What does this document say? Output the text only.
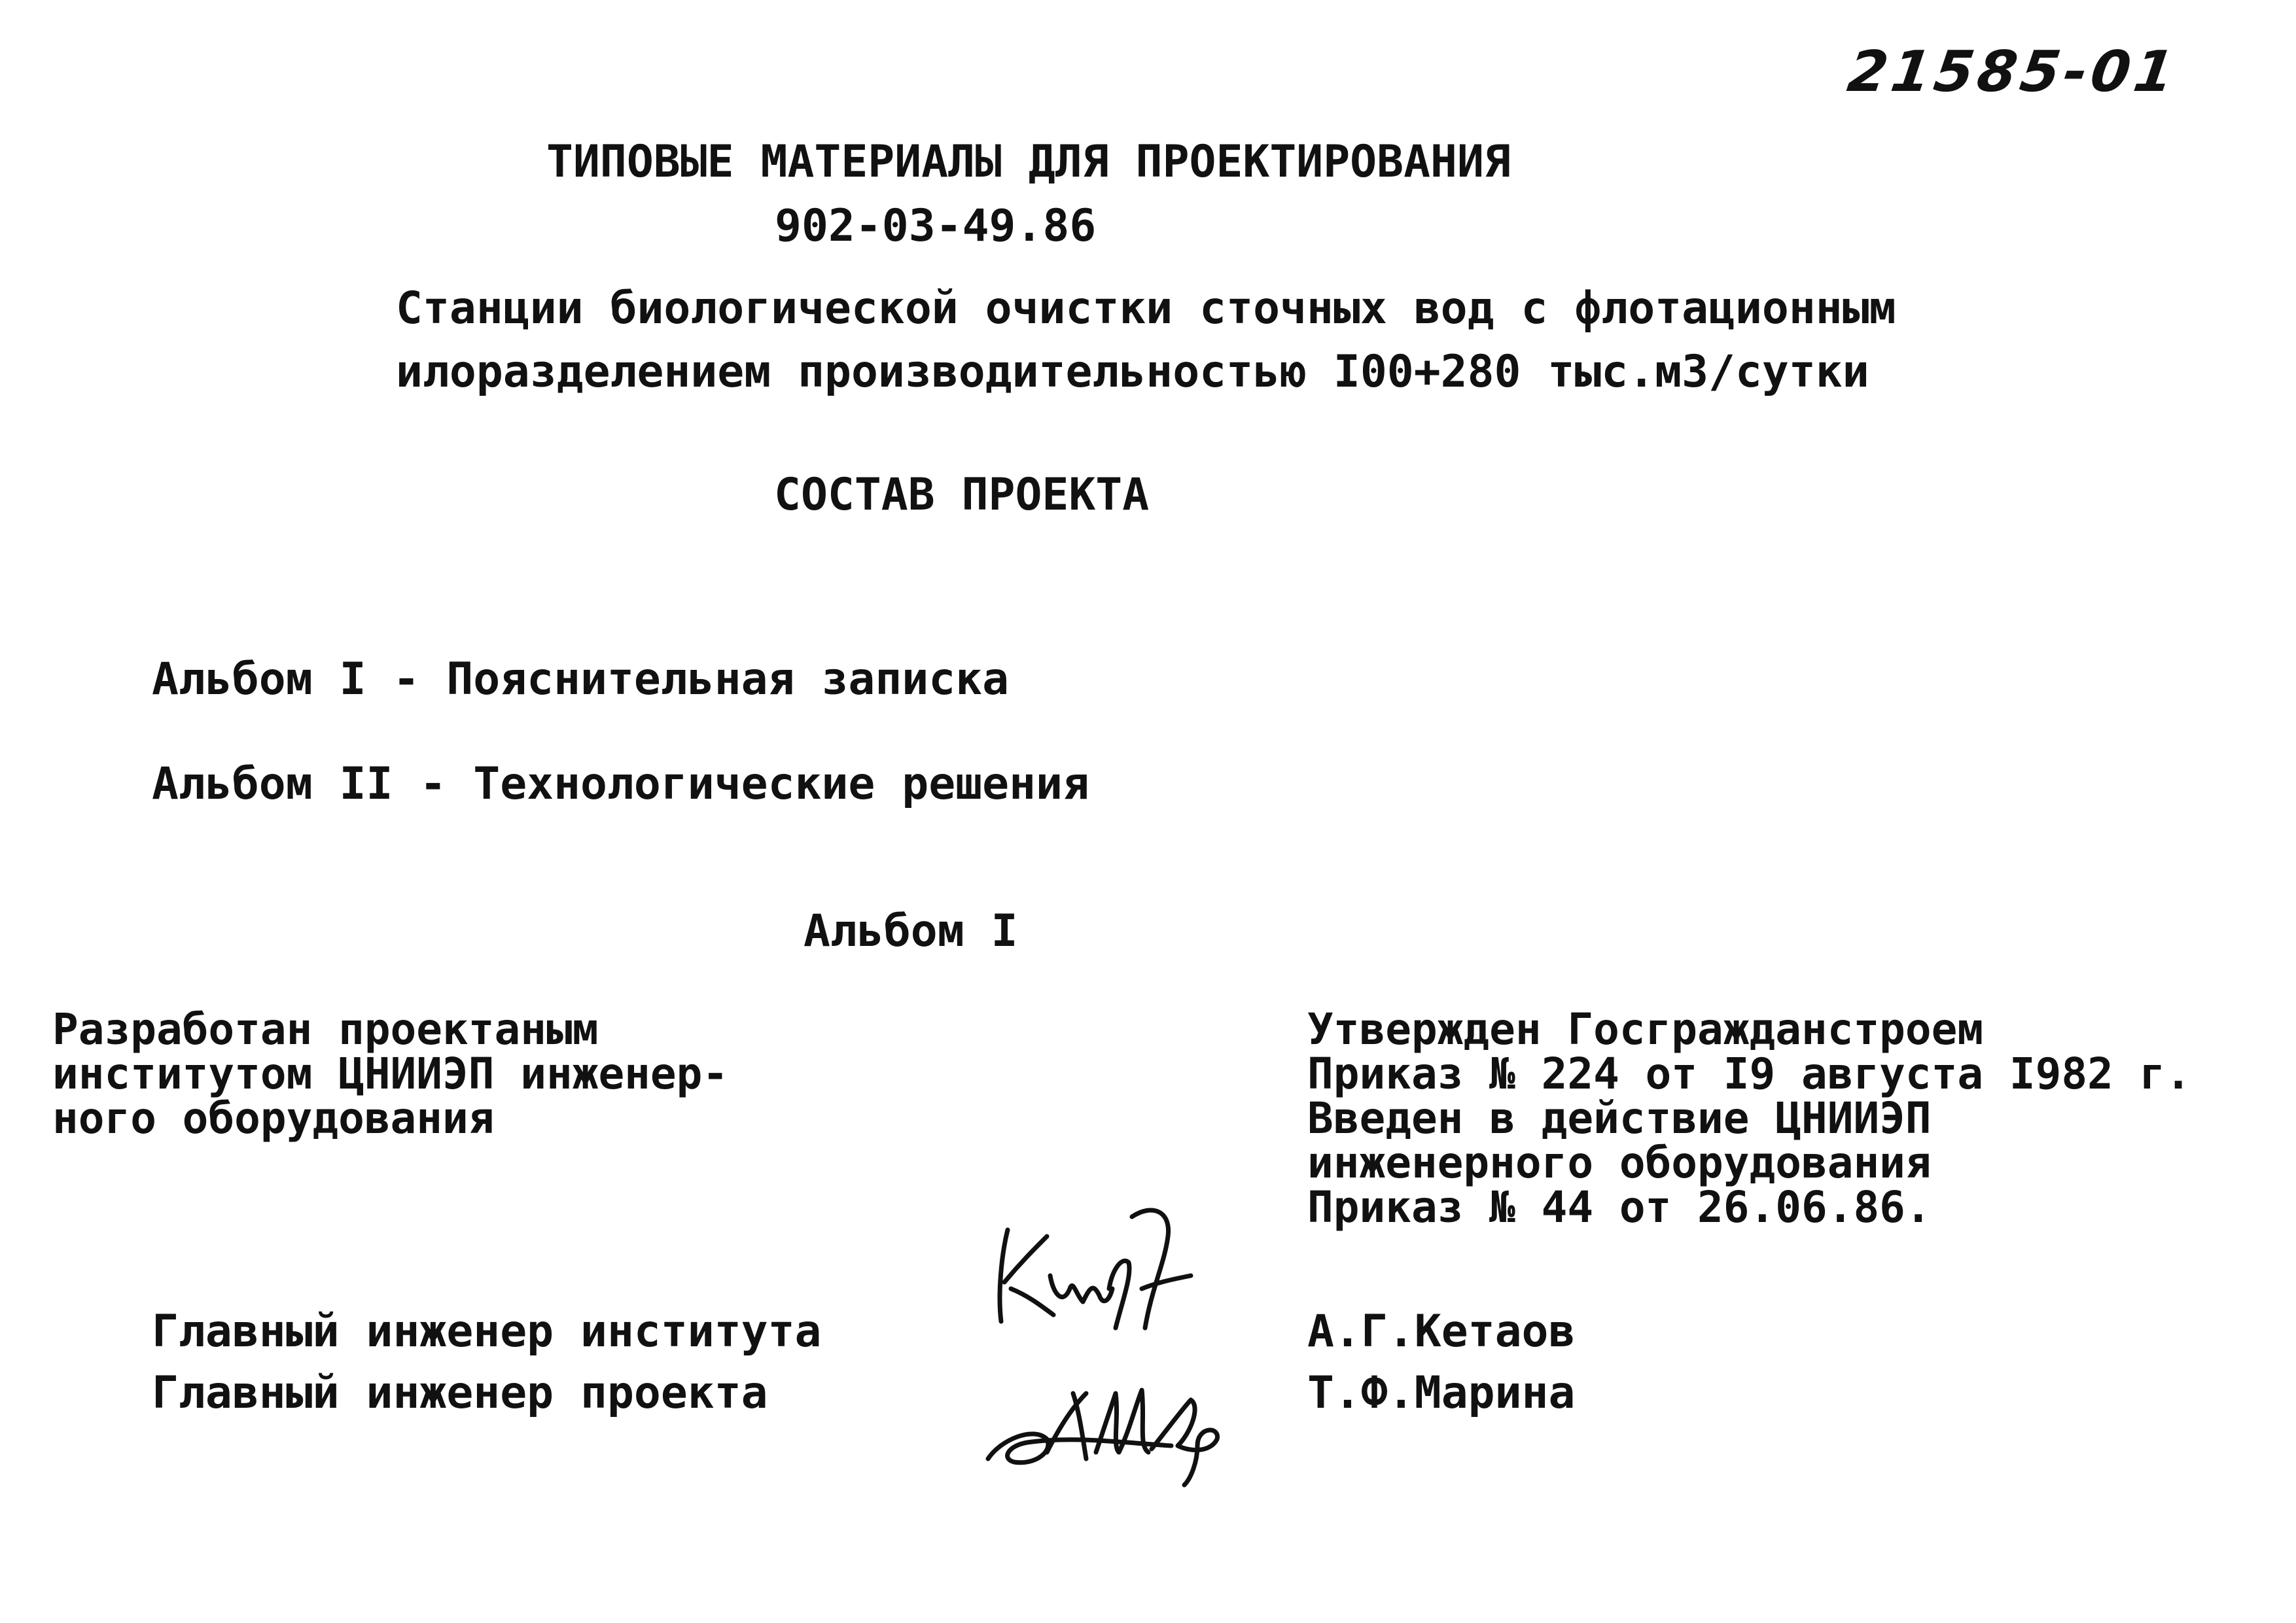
21585-01
ТИПОВЫЕ МАТЕРИАЛЫ ДЛЯ ПРОЕКТИРОВАНИЯ
902-03-49.86
Станции биологической очистки сточных вод с флотационным
илоразделением производительностью I00+280 тыс.м3/сутки
СОСТАВ ПРОЕКТА
Альбом I - Пояснительная записка
Альбом II - Технологические решения
Альбом I
Разработан проектаным
институтом ЦНИИЭП инженер-
ного оборудования
Утвержден Госгражданстроем
Приказ № 224 от I9 августа I982 г.
Введен в действие ЦНИИЭП
инженерного оборудования
Приказ № 44 от 26.06.86.
Главный инженер института	А.Г.Кетаов
Главный инженер проекта	Т.Ф.Марина
